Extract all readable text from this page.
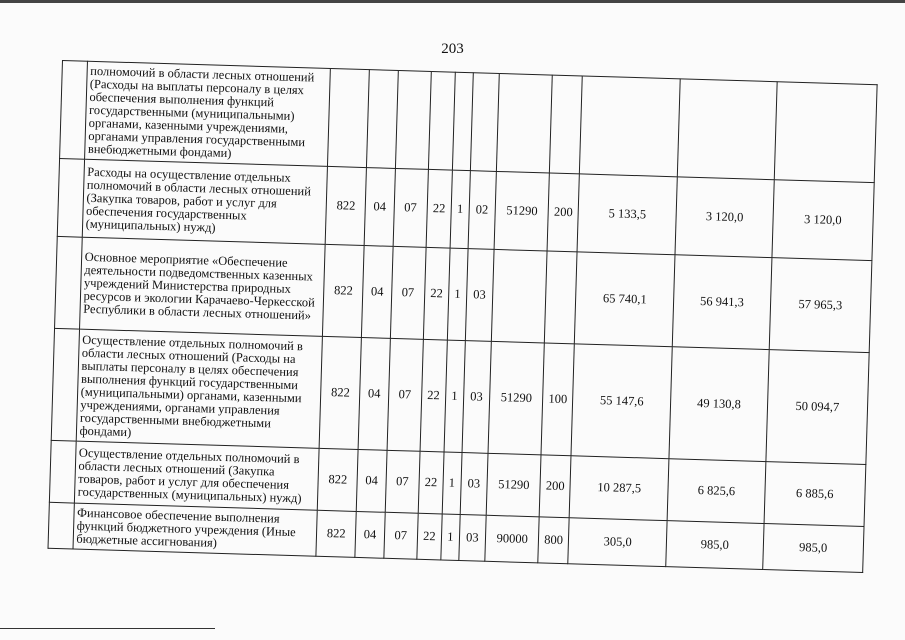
203
	полномочий в области лесных отношений (Расходы на выплаты персоналу в целях обеспечения выполнения функций государственными (муниципальными) органами, казенными учреждениями, органами управления государственными внебюджетными фондами)											
	Расходы на осуществление отдельных полномочий в области лесных отношений (Закупка товаров, работ и услуг для обеспечения государственных (муниципальных) нужд)	822	04	07	22	1	02	51290	200	5 133,5	3 120,0	3 120,0
	Основное мероприятие «Обеспечение деятельности подведомственных казенных учреждений Министерства природных ресурсов и экологии Карачаево-Черкесской Республики в области лесных отношений»	822	04	07	22	1	03			65 740,1	56 941,3	57 965,3
	Осуществление отдельных полномочий в области лесных отношений (Расходы на выплаты персоналу в целях обеспечения выполнения функций государственными (муниципальными) органами, казенными учреждениями, органами управления государственными внебюджетными фондами)	822	04	07	22	1	03	51290	100	55 147,6	49 130,8	50 094,7
	Осуществление отдельных полномочий в области лесных отношений (Закупка товаров, работ и услуг для обеспечения государственных (муниципальных) нужд)	822	04	07	22	1	03	51290	200	10 287,5	6 825,6	6 885,6
	Финансовое обеспечение выполнения функций бюджетного учреждения (Иные бюджетные ассигнования)	822	04	07	22	1	03	90000	800	305,0	985,0	985,0
